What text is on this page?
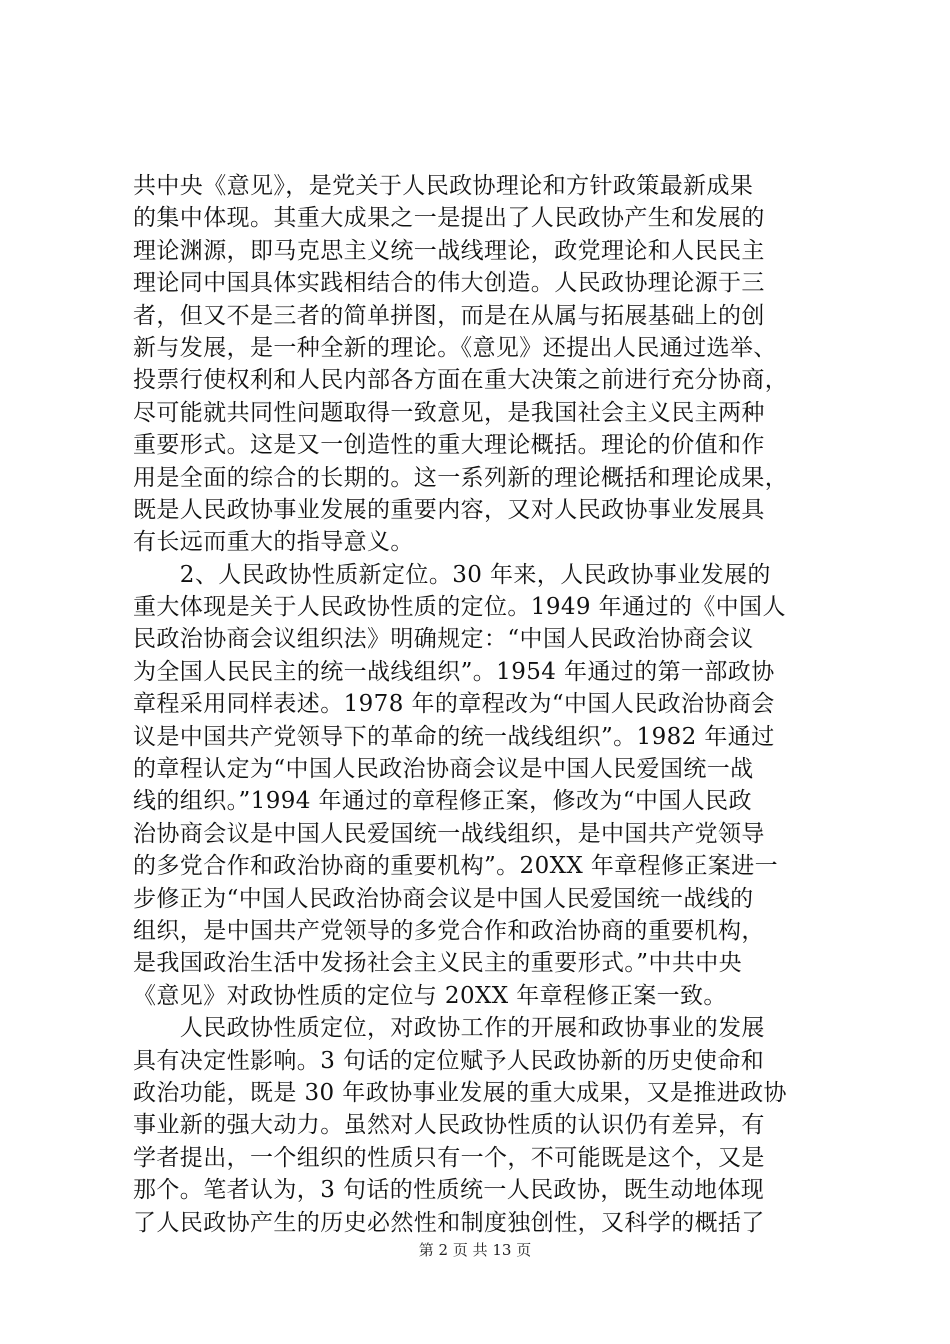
共中央《意见》，是党关于人民政协理论和方针政策最新成果
的集中体现。其重大成果之一是提出了人民政协产生和发展的
理论渊源，即马克思主义统一战线理论，政党理论和人民民主
理论同中国具体实践相结合的伟大创造。人民政协理论源于三
者，但又不是三者的简单拼图，而是在从属与拓展基础上的创
新与发展，是一种全新的理论。《意见》还提出人民通过选举、
投票行使权利和人民内部各方面在重大决策之前进行充分协商，
尽可能就共同性问题取得一致意见，是我国社会主义民主两种
重要形式。这是又一创造性的重大理论概括。理论的价值和作
用是全面的综合的长期的。这一系列新的理论概括和理论成果，
既是人民政协事业发展的重要内容，又对人民政协事业发展具
有长远而重大的指导意义。
　　2、人民政协性质新定位。30 年来，人民政协事业发展的
重大体现是关于人民政协性质的定位。1949 年通过的《中国人
民政治协商会议组织法》明确规定：“中国人民政治协商会议
为全国人民民主的统一战线组织”。1954 年通过的第一部政协
章程采用同样表述。1978 年的章程改为“中国人民政治协商会
议是中国共产党领导下的革命的统一战线组织”。1982 年通过
的章程认定为“中国人民政治协商会议是中国人民爱国统一战
线的组织。”1994 年通过的章程修正案，修改为“中国人民政
治协商会议是中国人民爱国统一战线组织，是中国共产党领导
的多党合作和政治协商的重要机构”。20XX 年章程修正案进一
步修正为“中国人民政治协商会议是中国人民爱国统一战线的
组织，是中国共产党领导的多党合作和政治协商的重要机构，
是我国政治生活中发扬社会主义民主的重要形式。”中共中央
《意见》对政协性质的定位与 20XX 年章程修正案一致。
　　人民政协性质定位，对政协工作的开展和政协事业的发展
具有决定性影响。3 句话的定位赋予人民政协新的历史使命和
政治功能，既是 30 年政协事业发展的重大成果，又是推进政协
事业新的强大动力。虽然对人民政协性质的认识仍有差异，有
学者提出，一个组织的性质只有一个，不可能既是这个，又是
那个。笔者认为，3 句话的性质统一人民政协，既生动地体现
了人民政协产生的历史必然性和制度独创性，又科学的概括了
第 2 页 共 13 页
